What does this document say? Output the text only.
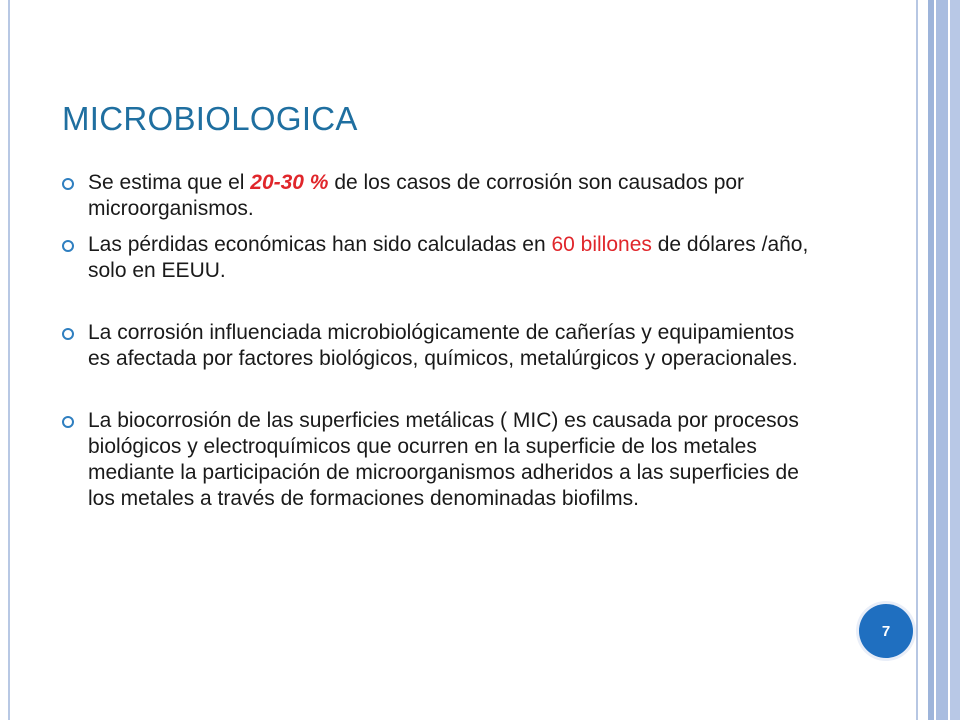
MICROBIOLOGICA
Se estima que el 20-30 % de los casos de corrosión son causados por microorganismos.
Las pérdidas económicas han sido calculadas en 60 billones de dólares /año, solo en EEUU.
La corrosión influenciada microbiológicamente de cañerías y equipamientos es afectada por factores biológicos, químicos, metalúrgicos y operacionales.
La biocorrosión de las superficies metálicas ( MIC) es causada por procesos biológicos y electroquímicos que ocurren en la superficie de los metales mediante la participación de microorganismos adheridos a las superficies de los metales a través de formaciones denominadas biofilms.
7
